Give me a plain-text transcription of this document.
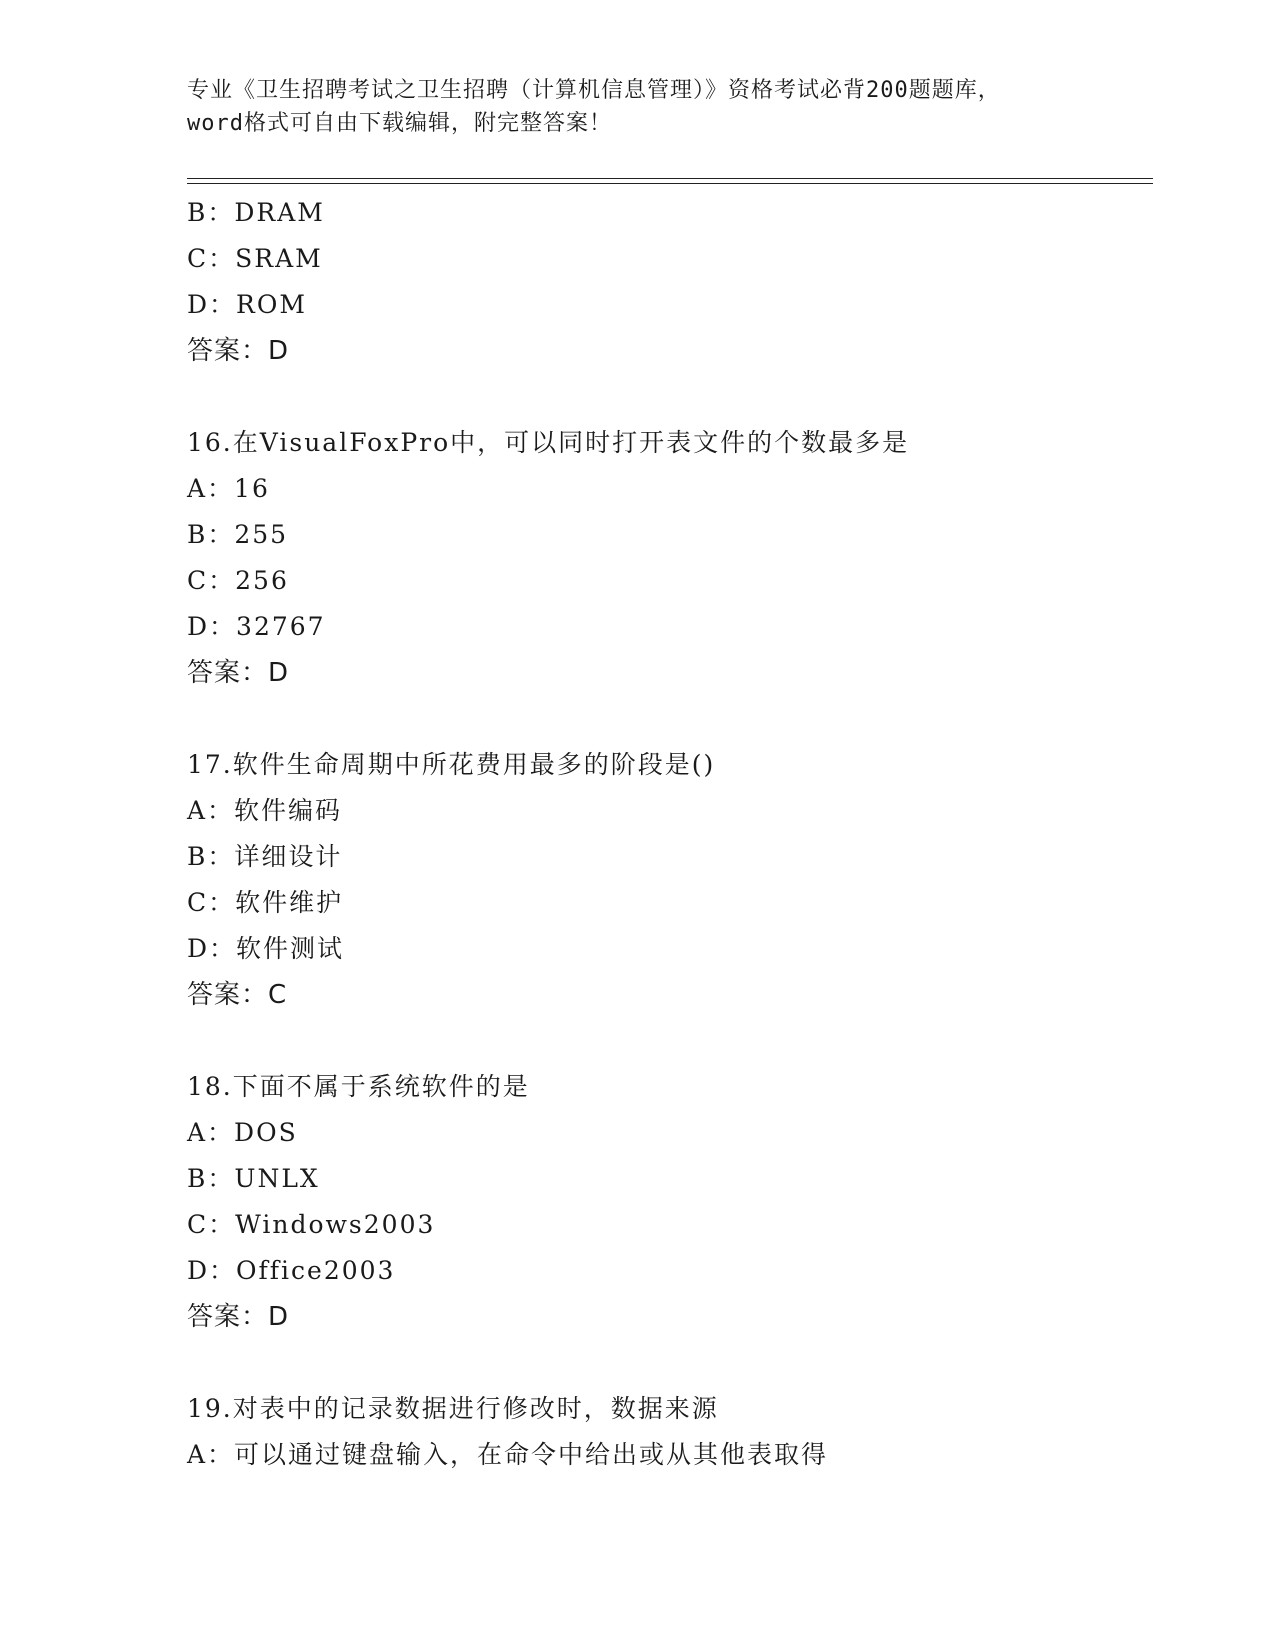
专业《卫生招聘考试之卫生招聘（计算机信息管理）》资格考试必背200题题库，
word格式可自由下载编辑，附完整答案！
B：DRAM
C：SRAM
D：ROM
答案：D
16.在VisualFoxPro中，可以同时打开表文件的个数最多是
A：16
B：255
C：256
D：32767
答案：D
17.软件生命周期中所花费用最多的阶段是()
A：软件编码
B：详细设计
C：软件维护
D：软件测试
答案：C
18.下面不属于系统软件的是
A：DOS
B：UNLX
C：Windows2003
D：Office2003
答案：D
19.对表中的记录数据进行修改时，数据来源
A：可以通过键盘输入，在命令中给出或从其他表取得
